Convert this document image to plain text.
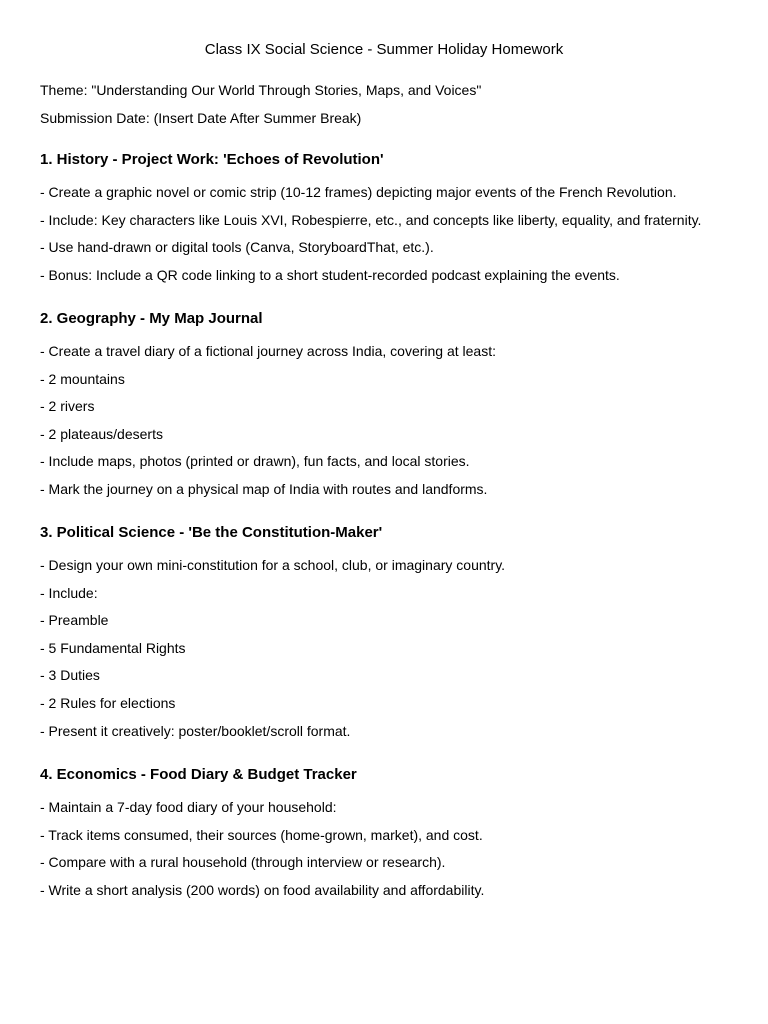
Class IX Social Science - Summer Holiday Homework
Theme: "Understanding Our World Through Stories, Maps, and Voices"
Submission Date: (Insert Date After Summer Break)

1. History - Project Work: 'Echoes of Revolution'

- Create a graphic novel or comic strip (10-12 frames) depicting major events of the French Revolution.

- Include: Key characters like Louis XVI, Robespierre, etc., and concepts like liberty, equality, and fraternity.

- Use hand-drawn or digital tools (Canva, StoryboardThat, etc.).

- Bonus: Include a QR code linking to a short student-recorded podcast explaining the events.

2. Geography - My Map Journal

- Create a travel diary of a fictional journey across India, covering at least:

- 2 mountains

- 2 rivers

- 2 plateaus/deserts

- Include maps, photos (printed or drawn), fun facts, and local stories.

- Mark the journey on a physical map of India with routes and landforms.

3. Political Science - 'Be the Constitution-Maker'

- Design your own mini-constitution for a school, club, or imaginary country.

- Include:

- Preamble

- 5 Fundamental Rights

- 3 Duties

- 2 Rules for elections

- Present it creatively: poster/booklet/scroll format.

4. Economics - Food Diary & Budget Tracker

- Maintain a 7-day food diary of your household:

- Track items consumed, their sources (home-grown, market), and cost.

- Compare with a rural household (through interview or research).

- Write a short analysis (200 words) on food availability and affordability.
